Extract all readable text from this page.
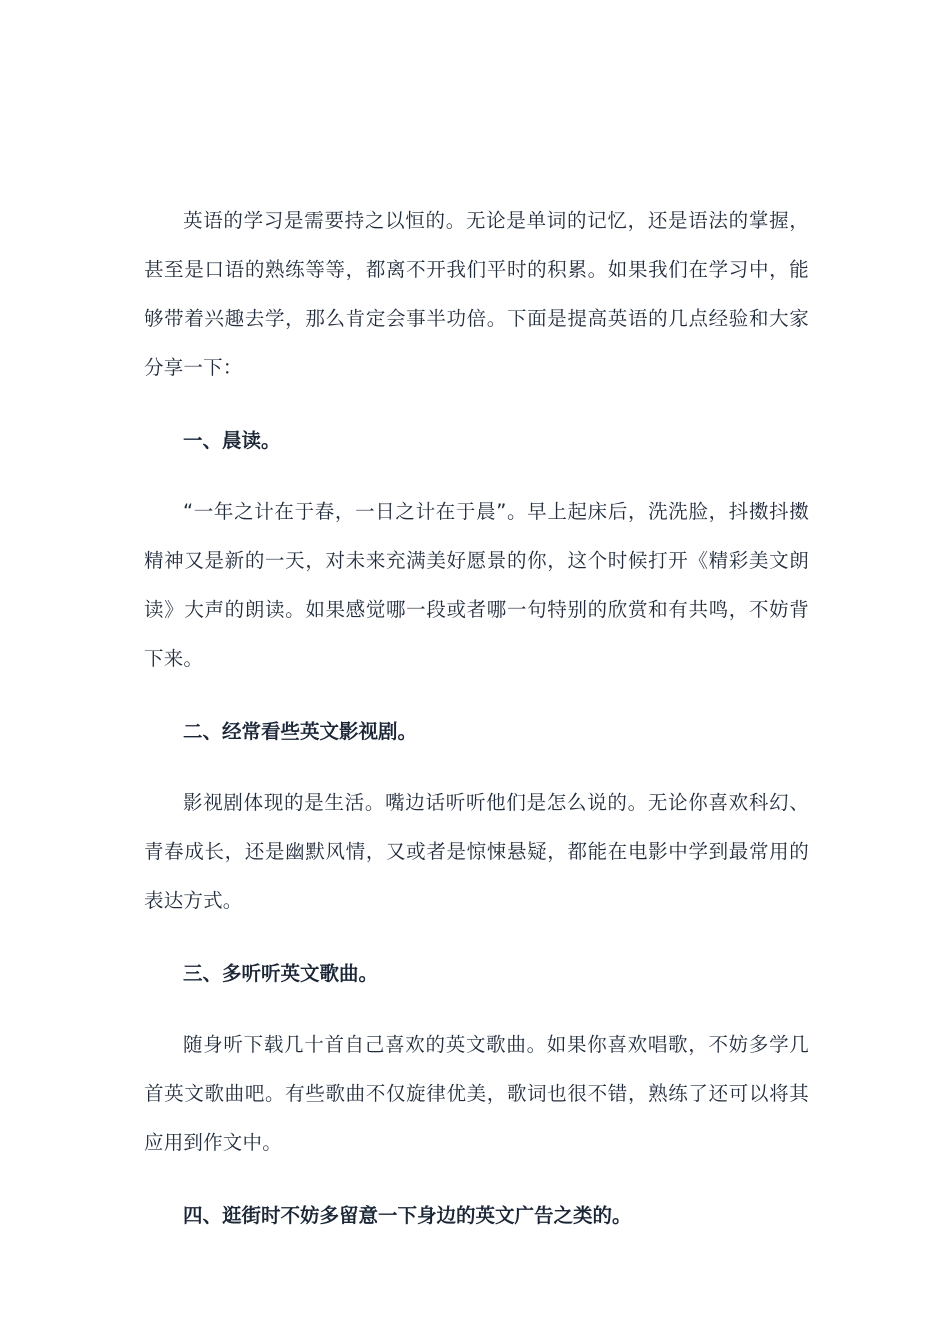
英语的学习是需要持之以恒的。无论是单词的记忆，还是语法的掌握，甚至是口语的熟练等等，都离不开我们平时的积累。如果我们在学习中，能够带着兴趣去学，那么肯定会事半功倍。下面是提高英语的几点经验和大家分享一下：

一、晨读。

“一年之计在于春，一日之计在于晨”。早上起床后，洗洗脸，抖擞抖擞精神又是新的一天，对未来充满美好愿景的你，这个时候打开《精彩美文朗读》大声的朗读。如果感觉哪一段或者哪一句特别的欣赏和有共鸣，不妨背下来。

二、经常看些英文影视剧。

影视剧体现的是生活。嘴边话听听他们是怎么说的。无论你喜欢科幻、青春成长，还是幽默风情，又或者是惊悚悬疑，都能在电影中学到最常用的表达方式。

三、多听听英文歌曲。

随身听下载几十首自己喜欢的英文歌曲。如果你喜欢唱歌，不妨多学几首英文歌曲吧。有些歌曲不仅旋律优美，歌词也很不错，熟练了还可以将其应用到作文中。

四、逛街时不妨多留意一下身边的英文广告之类的。
